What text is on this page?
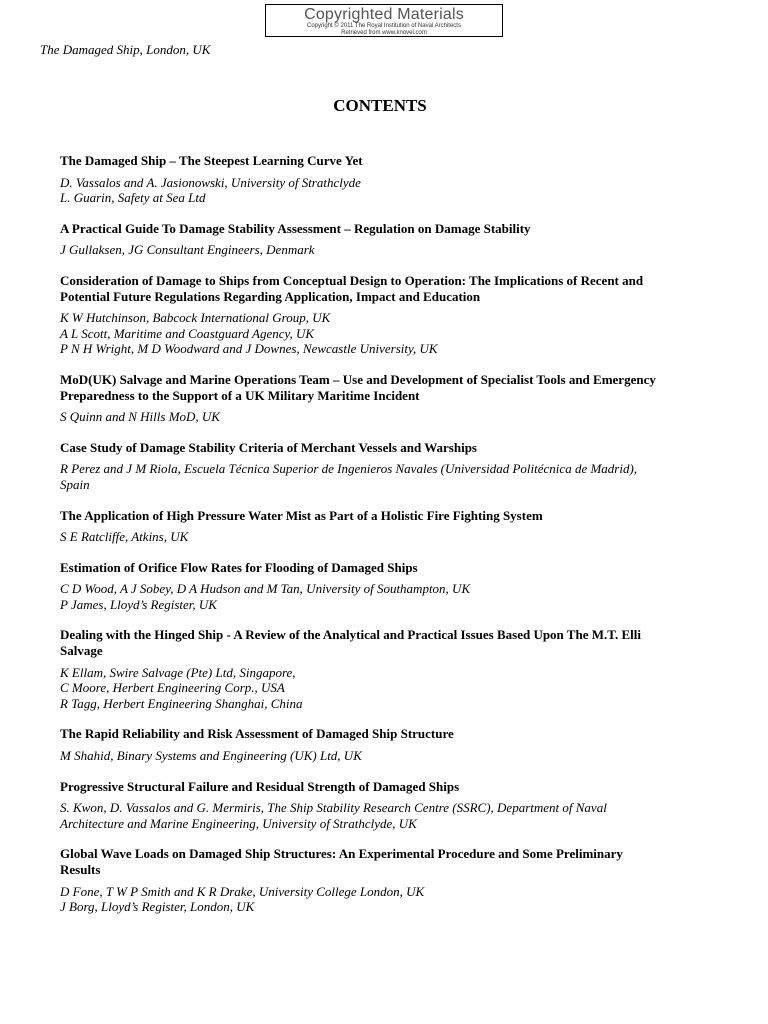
Copyrighted Materials
Copyright © 2011 The Royal Institution of Naval Architects
Retrieved from www.knovel.com
The Damaged Ship, London, UK
CONTENTS
The Damaged Ship – The Steepest Learning Curve Yet
D. Vassalos and A. Jasionowski, University of Strathclyde
L. Guarin, Safety at Sea Ltd
A Practical Guide To Damage Stability Assessment – Regulation on Damage Stability
J Gullaksen, JG Consultant Engineers, Denmark
Consideration of Damage to Ships from Conceptual Design to Operation: The Implications of Recent and Potential Future Regulations Regarding Application, Impact and Education
K W Hutchinson, Babcock International Group, UK
A L Scott, Maritime and Coastguard Agency, UK
P N H Wright, M D Woodward and J Downes, Newcastle University, UK
MoD(UK) Salvage and Marine Operations Team – Use and Development of Specialist Tools and Emergency Preparedness to the Support of a UK Military Maritime Incident
S Quinn and N Hills MoD, UK
Case Study of Damage Stability Criteria of Merchant Vessels and Warships
R Perez and J M Riola, Escuela Técnica Superior de Ingenieros Navales (Universidad Politécnica de Madrid), Spain
The Application of High Pressure Water Mist as Part of a Holistic Fire Fighting System
S E Ratcliffe, Atkins, UK
Estimation of Orifice Flow Rates for Flooding of Damaged Ships
C D Wood, A J Sobey, D A Hudson and M Tan, University of Southampton, UK
P James, Lloyd’s Register, UK
Dealing with the Hinged Ship - A Review of the Analytical and Practical Issues Based Upon The M.T. Elli Salvage
K Ellam, Swire Salvage (Pte) Ltd, Singapore,
C Moore, Herbert Engineering Corp., USA
R Tagg, Herbert Engineering Shanghai, China
The Rapid Reliability and Risk Assessment of Damaged Ship Structure
M Shahid, Binary Systems and Engineering (UK) Ltd, UK
Progressive Structural Failure and Residual Strength of Damaged Ships
S. Kwon, D. Vassalos and G. Mermiris, The Ship Stability Research Centre (SSRC), Department of Naval Architecture and Marine Engineering, University of Strathclyde, UK
Global Wave Loads on Damaged Ship Structures: An Experimental Procedure and Some Preliminary Results
D Fone, T W P Smith and K R Drake, University College London, UK
J Borg, Lloyd’s Register, London, UK
